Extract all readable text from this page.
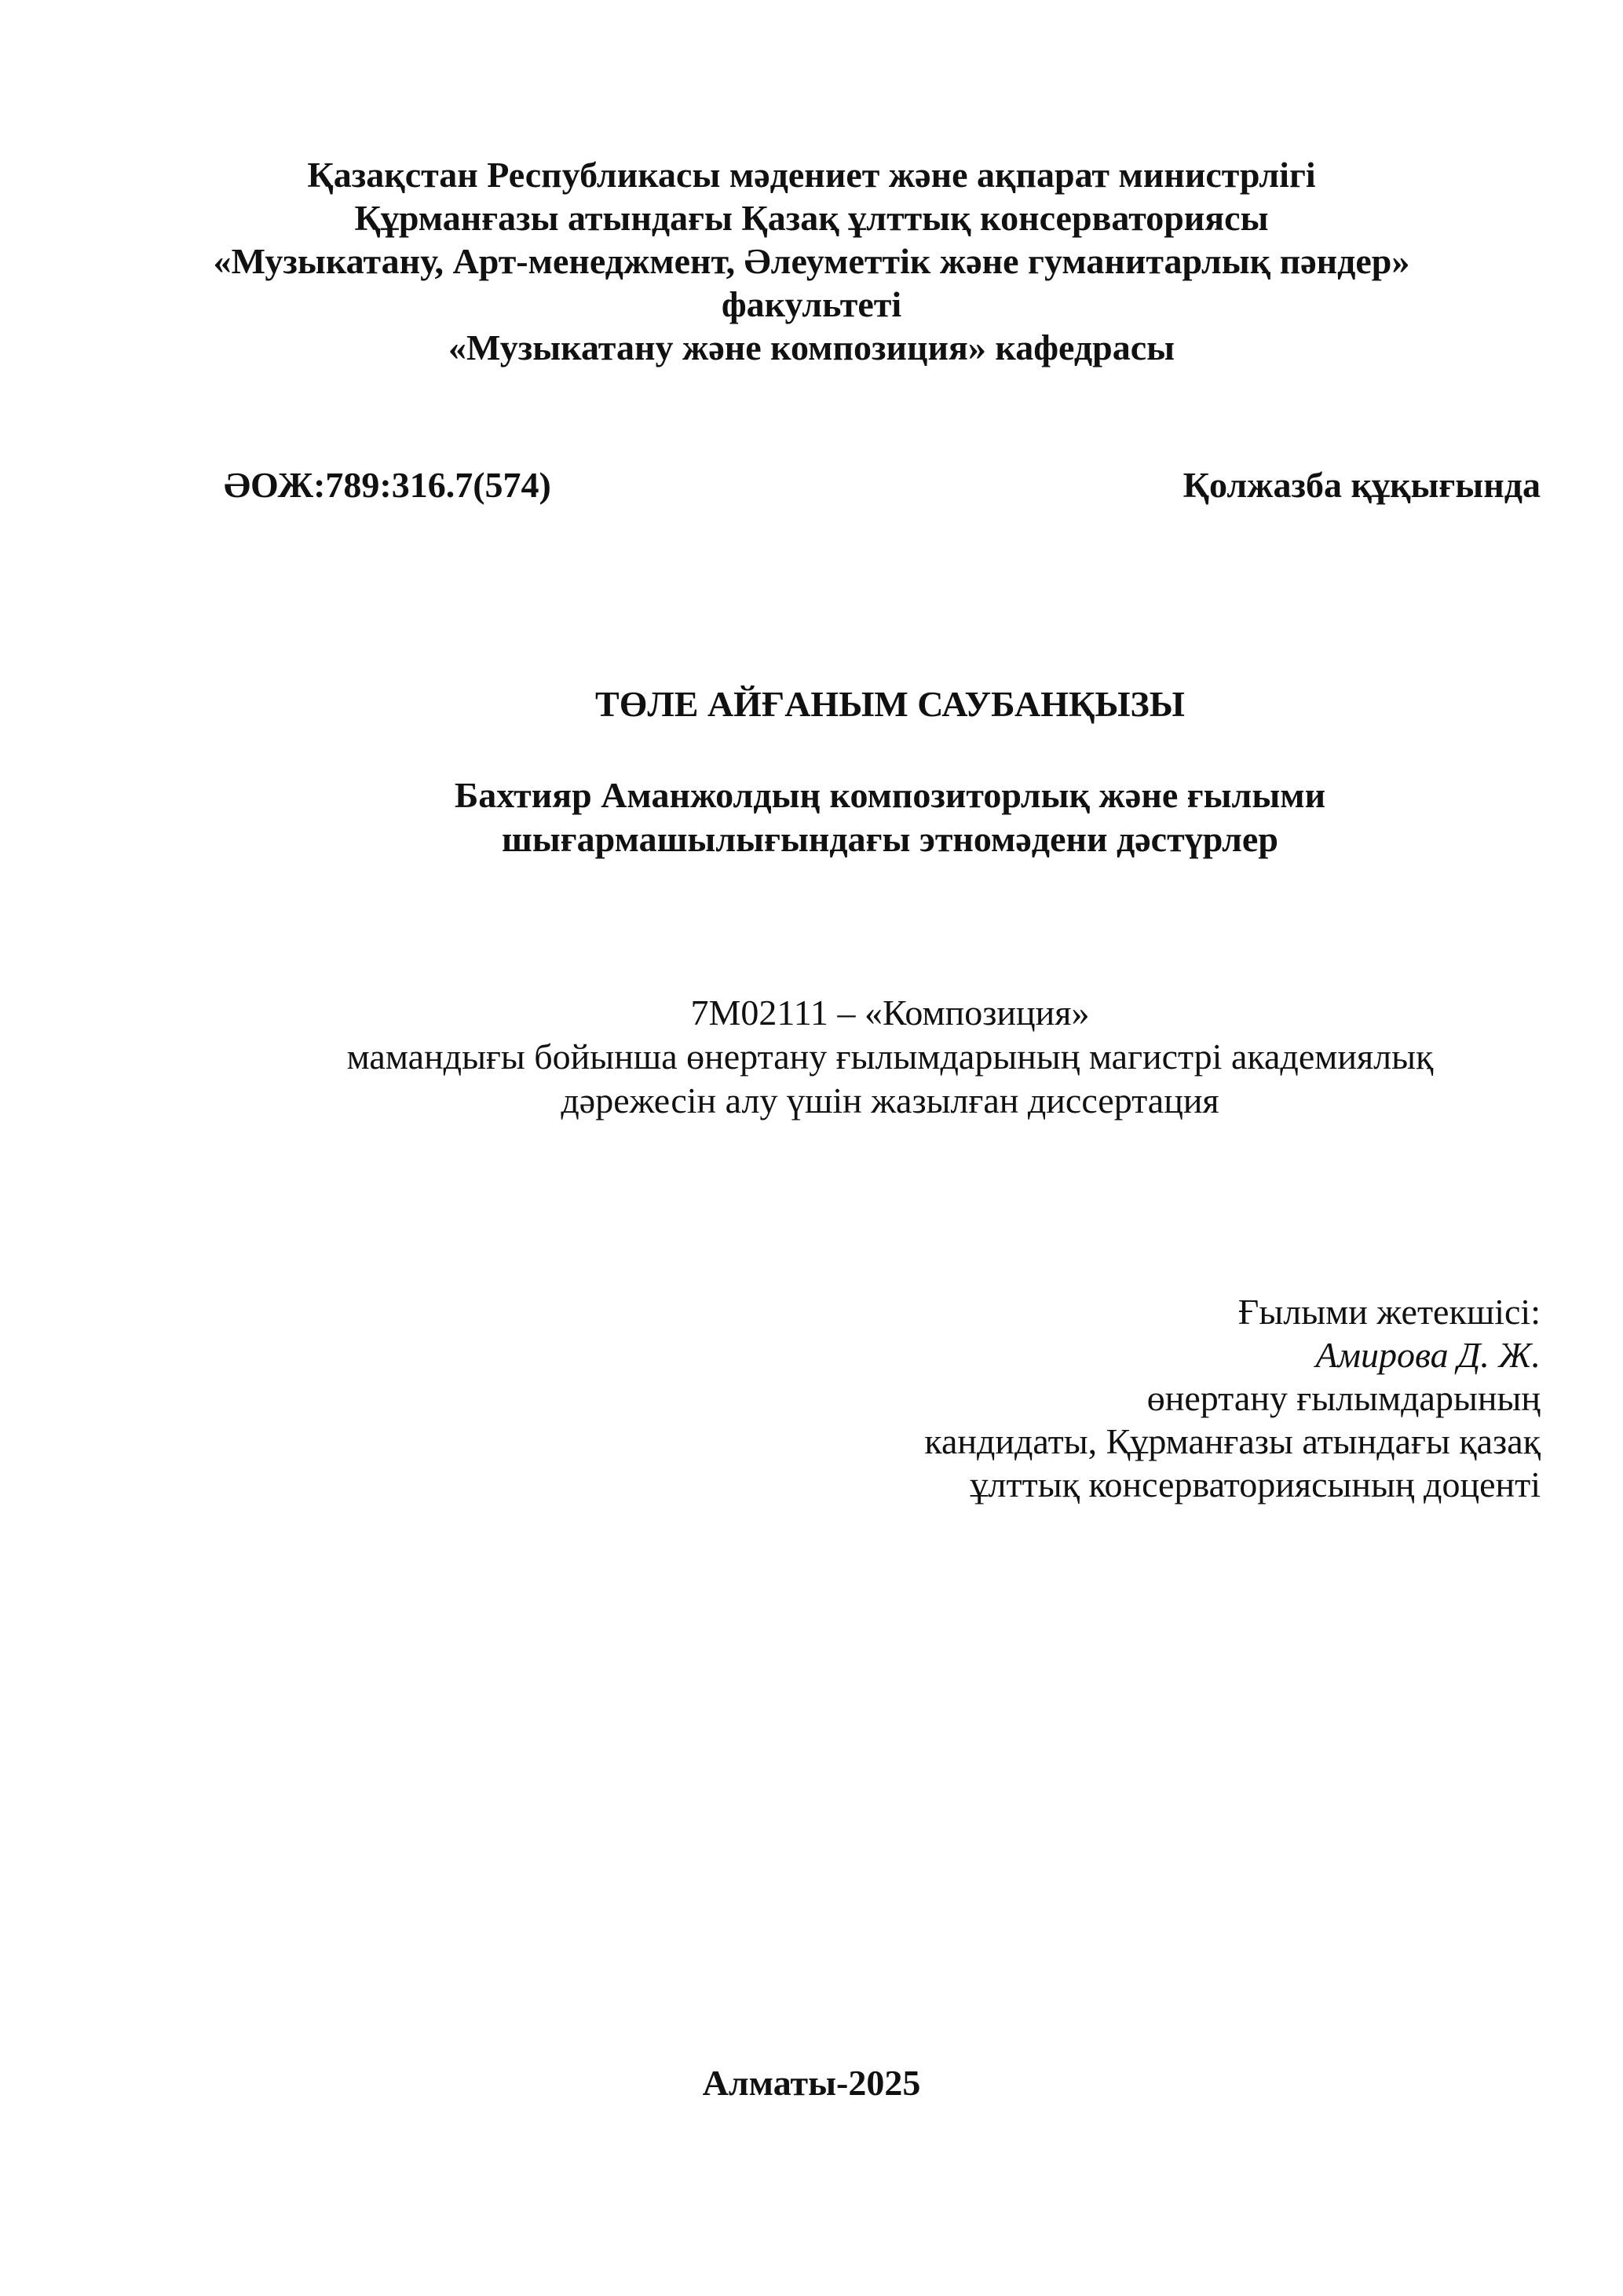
Қазақстан Республикасы мәдениет және ақпарат министрлігі
Құрманғазы атындағы Қазақ ұлттық консерваториясы
«Музыкатану, Арт-менеджмент, Әлеуметтік және гуманитарлық пәндер»
факультеті
«Музыкатану және композиция» кафедрасы
ӘОЖ:789:316.7(574)	Қолжазба құқығында
ТӨЛЕ АЙҒАНЫМ САУБАНҚЫЗЫ
Бахтияр Аманжолдың композиторлық және ғылыми
шығармашылығындағы этномәдени дәстүрлер
7М02111 – «Композиция»
мамандығы бойынша өнертану ғылымдарының магистрі академиялық
дәрежесін алу үшін жазылған диссертация
Ғылыми жетекшісі:
Амирова Д. Ж.
өнертану ғылымдарының
кандидаты, Құрманғазы атындағы қазақ
ұлттық консерваториясының доценті
Алматы-2025
